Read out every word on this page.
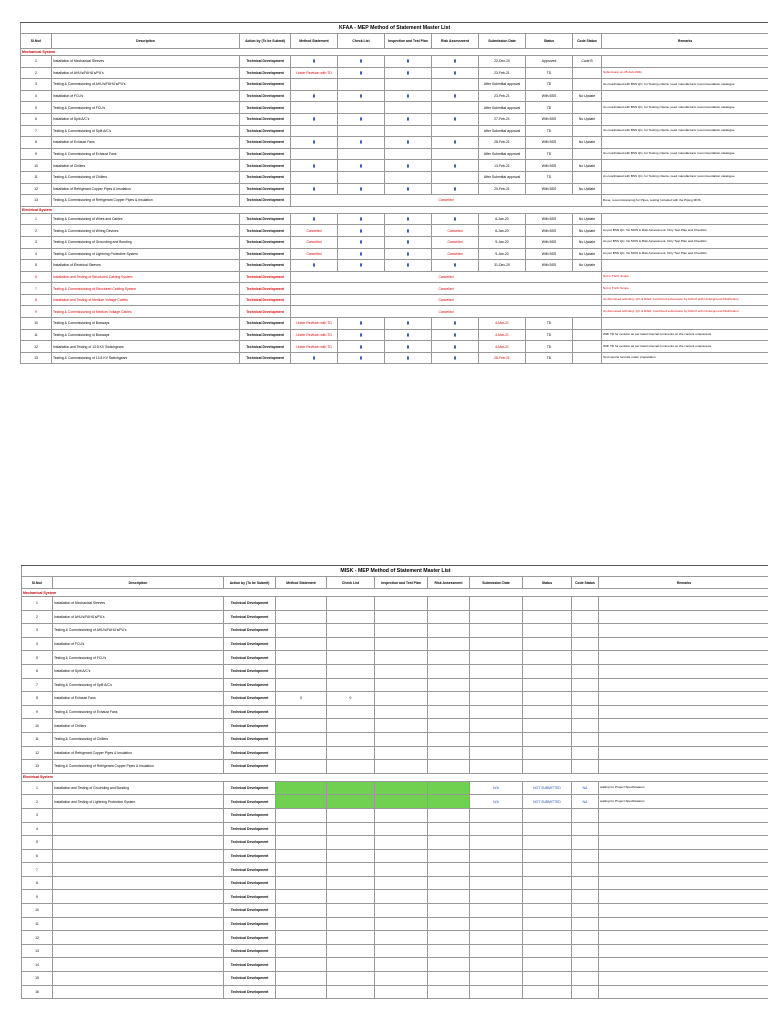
KFAA - MEP Method of Statement Master List										
Sl.No#	Description	Action by (To be Submit)	Method Statement	Check List	Inspection and Test Plan	Risk Assessment	Submission Date	Status	Code Status	Remarks
Mechanical System										
1	Installation of Mechanical Sleeves	Technical Development	▮	▮	▮	▮	22-Dec-20	Approved	Code B	
2	Installation of AHU's/FAHU's/PU's	Technical Development	Under Revision with TD	▮	▮	▮	23-Feb-21	TD		Submission on 25-Feb-2021
3	Testing & Commissioning of AHU's/FAHU's/PU's	Technical Development					After Submittal approval	TD		As coordinated with BSS QC, for Testing criteria, need manufacturer recommendation catalogue
4	Installation of FCU's	Technical Development	▮	▮	▮	▮	23-Feb-21	With BSS	No Update	
5	Testing & Commissioning of FCU's	Technical Development					After Submittal approval	TD		As coordinated with BSS QC, for Testing criteria, need manufacturer recommendation catalogue
6	Installation of Split A/C's	Technical Development	▮	▮	▮	▮	27-Feb-21	With BSS	No Update	
7	Testing & Commissioning of Split A/C's	Technical Development					After Submittal approval	TD		As coordinated with BSS QC, for Testing criteria, need manufacturer recommendation catalogue
8	Installation of Exhaust Fans	Technical Development	▮	▮	▮	▮	28-Feb-21	With BSS	No Update	
9	Testing & Commissioning of Exhaust Fans	Technical Development					After Submittal approval	TD		As coordinated with BSS QC, for Testing criteria, need manufacturer recommendation catalogue
10	Installation of Chillers	Technical Development	▮	▮	▮	▮	13-Feb-21	With BSS	No Update	
11	Testing & Commissioning of Chillers	Technical Development					After Submittal approval	TD		As coordinated with BSS QC, for Testing criteria, need manufacturer recommendation catalogue
12	Installation of Refrigerant Copper Pipes & Insulation	Technical Development	▮	▮	▮	▮	20-Feb-21	With BSS	No Update	
13	Testing & Commissioning of Refrigerant Copper Pipes & Insulation	Technical Development	Cancelled							Done, recommissioning for Pipes, testing Included with the Piping MOS
Electrical System										
1	Testing & Commissioning of Wires and Cables	Technical Development	▮	▮	▮	▮	6-Jan-20	With BSS	No Update	
2	Testing & Commissioning of Wiring Devices	Technical Development	Cancelled	▮	▮	Cancelled	6-Jan-20	With BSS	No Update	As per BSS QC, No MOS & Risk Assessment, Only Test Plan and Checklist
3	Testing & Commissioning of Grounding and Bonding	Technical Development	Cancelled	▮	▮	Cancelled	9-Jan-20	With BSS	No Update	As per BSS QC, No MOS & Risk Assessment, Only Test Plan and Checklist
4	Testing & Commissioning of Lightning Protective System	Technical Development	Cancelled	▮	▮	Cancelled	9-Jan-20	With BSS	No Update	As per BSS QC, No MOS & Risk Assessment, Only Test Plan and Checklist
5	Installation of Electrical Sleeves	Technical Development	▮	▮	▮	▮	31-Dec-20	With BSS	No Update	
6	Installation and Testing of Structured Cabling System	Technical Development	Cancelled							Not in TGIC Scope
7	Testing & Commissioning of Structured Cabling System	Technical Development	Cancelled							Not in TGIC Scope
8	Installation and Testing of Medium Voltage Cables	Technical Development	Cancelled							As discussed with Eng. QC & RAM, Combined submission by NACO with Underground Distribution
9	Testing & Commissioning of Medium Voltage Cables	Technical Development	Cancelled							As discussed with Eng. QC & RAM, Combined submission by NACO with Underground Distribution
10	Testing & Commissioning of Busways	Technical Development	Under Revision with TD	▮	▮	▮	4-Mar-21	TD		
11	Testing & Commissioning of Busways	Technical Development	Under Revision with TD	▮	▮	▮	4-Mar-21	TD		With TD for revision as per latest internal comments on the content uniqueness.
12	Installation and Testing of 13.8 KV Switchgears	Technical Development	Under Revision with TD	▮	▮	▮	4-Mar-21	TD		With TD for revision as per latest internal comments on the content uniqueness.
13	Testing & Commissioning of 13.8 KV Switchgears	Technical Development	▮	▮	▮	▮	28-Feb-21	TD		Test reports formats under preparation
MISK - MEP Method of Statement Master List										
Sl.No#	Description	Action by (To be Submit)	Method Statement	Check List	Inspection and Test Plan	Risk Assessment	Submission Date	Status	Code Status	Remarks
Mechanical System										
1	Installation of Mechanical Sleeves	Technical Development								
2	Installation of AHU's/FAHU's/PU's	Technical Development								
3	Testing & Commissioning of AHU's/FAHU's/PU's	Technical Development								
4	Installation of FCU's	Technical Development								
5	Testing & Commissioning of FCU's	Technical Development								
6	Installation of Split A/C's	Technical Development								
7	Testing & Commissioning of Split A/C's	Technical Development								
8	Installation of Exhaust Fans	Technical Development	0	0						
9	Testing & Commissioning of Exhaust Fans	Technical Development								
10	Installation of Chillers	Technical Development								
11	Testing & Commissioning of Chillers	Technical Development								
12	Installation of Refrigerant Copper Pipes & Insulation	Technical Development								
13	Testing & Commissioning of Refrigerant Copper Pipes & Insulation	Technical Development								
Electrical System										
1	Installation and Testing of Grounding and Bonding	Technical Development					N/A	NOT SUBMITTED	NA	waiting for Project Specifications
2	Installation and Testing of Lightning Protection System	Technical Development					N/A	NOT SUBMITTED	NA	waiting for Project Specifications
3		Technical Development								
4		Technical Development								
5		Technical Development								
6		Technical Development								
7		Technical Development								
8		Technical Development								
9		Technical Development								
10		Technical Development								
11		Technical Development								
12		Technical Development								
13		Technical Development								
14		Technical Development								
15		Technical Development								
16		Technical Development								
